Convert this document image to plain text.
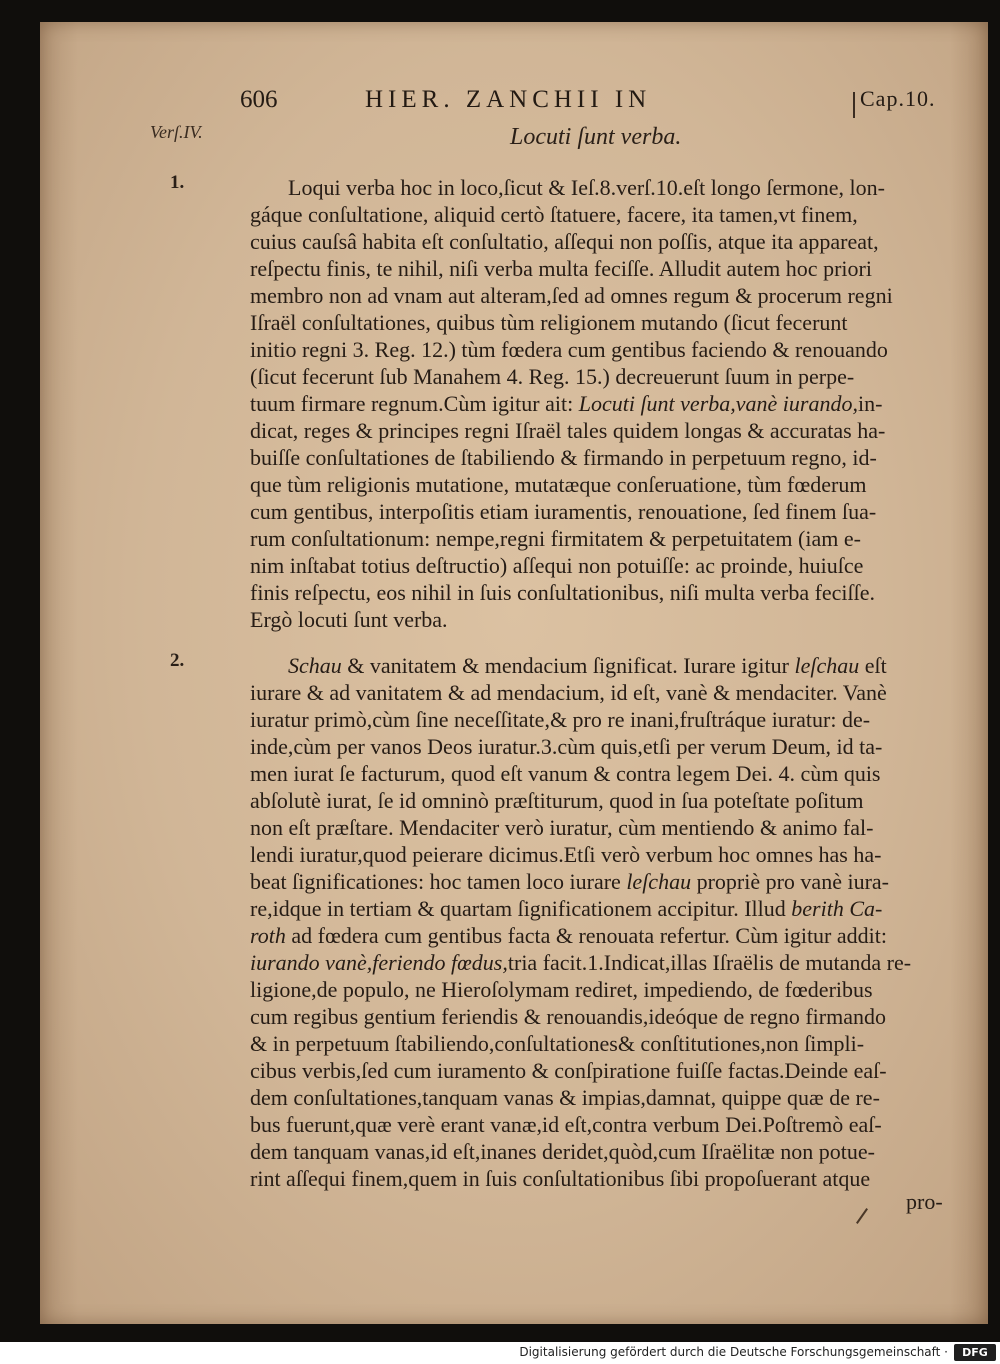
606	HIER. ZANCHII IN	Cap.10.
Verſ.IV.	Locuti ſunt verba.
1.
2.
Loqui verba hoc in loco,ſicut & Ieſ.8.verſ.10.eſt longo ſermone, lon-
gáque conſultatione, aliquid certò ſtatuere, facere, ita tamen,vt finem,
cuius cauſsâ habita eſt conſultatio, aſſequi non poſſis, atque ita appareat,
reſpectu finis, te nihil, niſi verba multa feciſſe. Alludit autem hoc priori
membro non ad vnam aut alteram,ſed ad omnes regum & procerum regni
Iſraël conſultationes, quibus tùm religionem mutando (ſicut fecerunt
initio regni 3. Reg. 12.) tùm fœdera cum gentibus faciendo & renouando
(ſicut fecerunt ſub Manahem 4. Reg. 15.) decreuerunt ſuum in perpe-
tuum firmare regnum.Cùm igitur ait: Locuti ſunt verba,vanè iurando,in-
dicat, reges & principes regni Iſraël tales quidem longas & accuratas ha-
buiſſe conſultationes de ſtabiliendo & firmando in perpetuum regno, id-
que tùm religionis mutatione, mutatæque conſeruatione, tùm fœderum
cum gentibus, interpoſitis etiam iuramentis, renouatione, ſed finem ſua-
rum conſultationum: nempe,regni firmitatem & perpetuitatem (iam e-
nim inſtabat totius deſtructio) aſſequi non potuiſſe: ac proinde, huiuſce
finis reſpectu, eos nihil in ſuis conſultationibus, niſi multa verba feciſſe.
Ergò locuti ſunt verba.
Schau & vanitatem & mendacium ſignificat. Iurare igitur leſchau eſt
iurare & ad vanitatem & ad mendacium, id eſt, vanè & mendaciter. Vanè
iuratur primò,cùm ſine neceſſitate,& pro re inani,fruſtráque iuratur: de-
inde,cùm per vanos Deos iuratur.3.cùm quis,etſi per verum Deum, id ta-
men iurat ſe facturum, quod eſt vanum & contra legem Dei. 4. cùm quis
abſolutè iurat, ſe id omninò præſtiturum, quod in ſua poteſtate poſitum
non eſt præſtare. Mendaciter verò iuratur, cùm mentiendo & animo fal-
lendi iuratur,quod peierare dicimus.Etſi verò verbum hoc omnes has ha-
beat ſignificationes: hoc tamen loco iurare leſchau propriè pro vanè iura-
re,idque in tertiam & quartam ſignificationem accipitur. Illud berith Ca-
roth ad fœdera cum gentibus facta & renouata refertur. Cùm igitur addit:
iurando vanè,feriendo fœdus,tria facit.1.Indicat,illas Iſraëlis de mutanda re-
ligione,de populo, ne Hieroſolymam rediret, impediendo, de fœderibus
cum regibus gentium feriendis & renouandis,ideóque de regno firmando
& in perpetuum ſtabiliendo,conſultationes& conſtitutiones,non ſimpli-
cibus verbis,ſed cum iuramento & conſpiratione fuiſſe factas.Deinde eaſ-
dem conſultationes,tanquam vanas & impias,damnat, quippe quæ de re-
bus fuerunt,quæ verè erant vanæ,id eſt,contra verbum Dei.Poſtremò eaſ-
dem tanquam vanas,id eſt,inanes deridet,quòd,cum Iſraëlitæ non potue-
rint aſſequi finem,quem in ſuis conſultationibus ſibi propoſuerant atque
pro-
Digitalisierung gefördert durch die Deutsche Forschungsgemeinschaft ·	DFG
